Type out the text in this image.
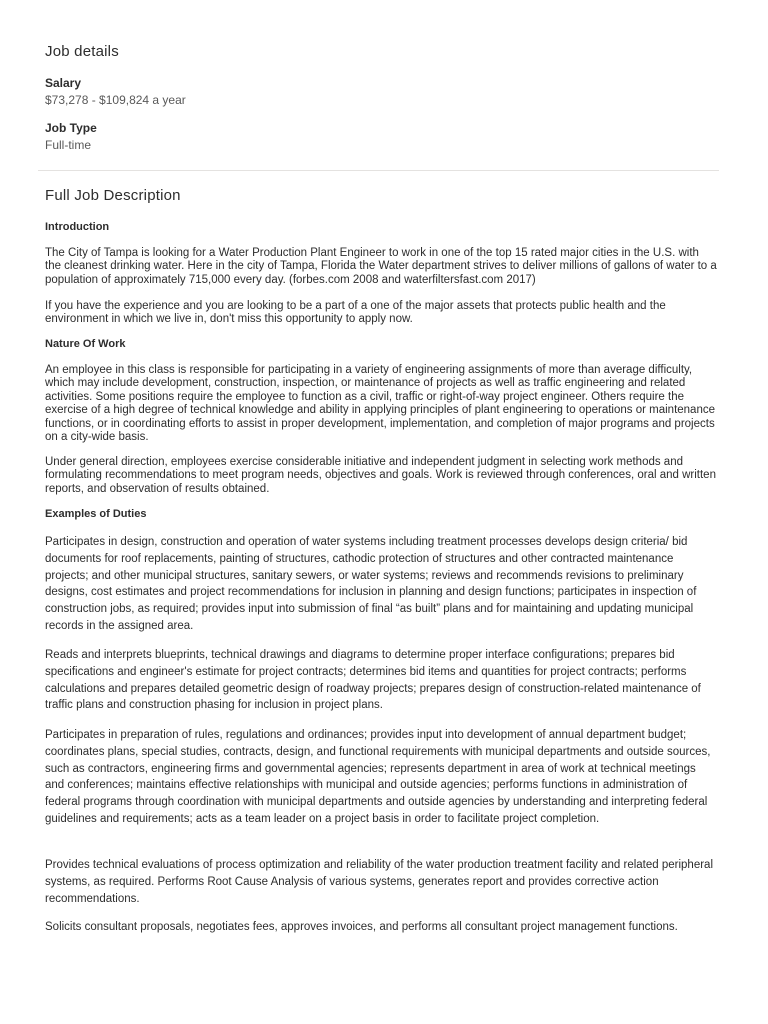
Job details
Salary
$73,278 - $109,824 a year
Job Type
Full-time
Full Job Description
Introduction

The City of Tampa is looking for a Water Production Plant Engineer to work in one of the top 15 rated major cities in the U.S. with the cleanest drinking water. Here in the city of Tampa, Florida the Water department strives to deliver millions of gallons of water to a population of approximately 715,000 every day. (forbes.com 2008 and waterfiltersfast.com 2017)

If you have the experience and you are looking to be a part of a one of the major assets that protects public health and the environment in which we live in, don't miss this opportunity to apply now.

Nature Of Work

An employee in this class is responsible for participating in a variety of engineering assignments of more than average difficulty, which may include development, construction, inspection, or maintenance of projects as well as traffic engineering and related activities. Some positions require the employee to function as a civil, traffic or right-of-way project engineer. Others require the exercise of a high degree of technical knowledge and ability in applying principles of plant engineering to operations or maintenance functions, or in coordinating efforts to assist in proper development, implementation, and completion of major programs and projects on a city-wide basis.

Under general direction, employees exercise considerable initiative and independent judgment in selecting work methods and formulating recommendations to meet program needs, objectives and goals. Work is reviewed through conferences, oral and written reports, and observation of results obtained.

Examples of Duties

Participates in design, construction and operation of water systems including treatment processes develops design criteria/ bid documents for roof replacements, painting of structures, cathodic protection of structures and other contracted maintenance projects; and other municipal structures, sanitary sewers, or water systems; reviews and recommends revisions to preliminary designs, cost estimates and project recommendations for inclusion in planning and design functions; participates in inspection of construction jobs, as required; provides input into submission of final “as built” plans and for maintaining and updating municipal records in the assigned area.

Reads and interprets blueprints, technical drawings and diagrams to determine proper interface configurations; prepares bid specifications and engineer's estimate for project contracts; determines bid items and quantities for project contracts; performs calculations and prepares detailed geometric design of roadway projects; prepares design of construction-related maintenance of traffic plans and construction phasing for inclusion in project plans.

Participates in preparation of rules, regulations and ordinances; provides input into development of annual department budget; coordinates plans, special studies, contracts, design, and functional requirements with municipal departments and outside sources, such as contractors, engineering firms and governmental agencies; represents department in area of work at technical meetings and conferences; maintains effective relationships with municipal and outside agencies; performs functions in administration of federal programs through coordination with municipal departments and outside agencies by understanding and interpreting federal guidelines and requirements; acts as a team leader on a project basis in order to facilitate project completion.

Provides technical evaluations of process optimization and reliability of the water production treatment facility and related peripheral systems, as required. Performs Root Cause Analysis of various systems, generates report and provides corrective action recommendations.

Solicits consultant proposals, negotiates fees, approves invoices, and performs all consultant project management functions.
